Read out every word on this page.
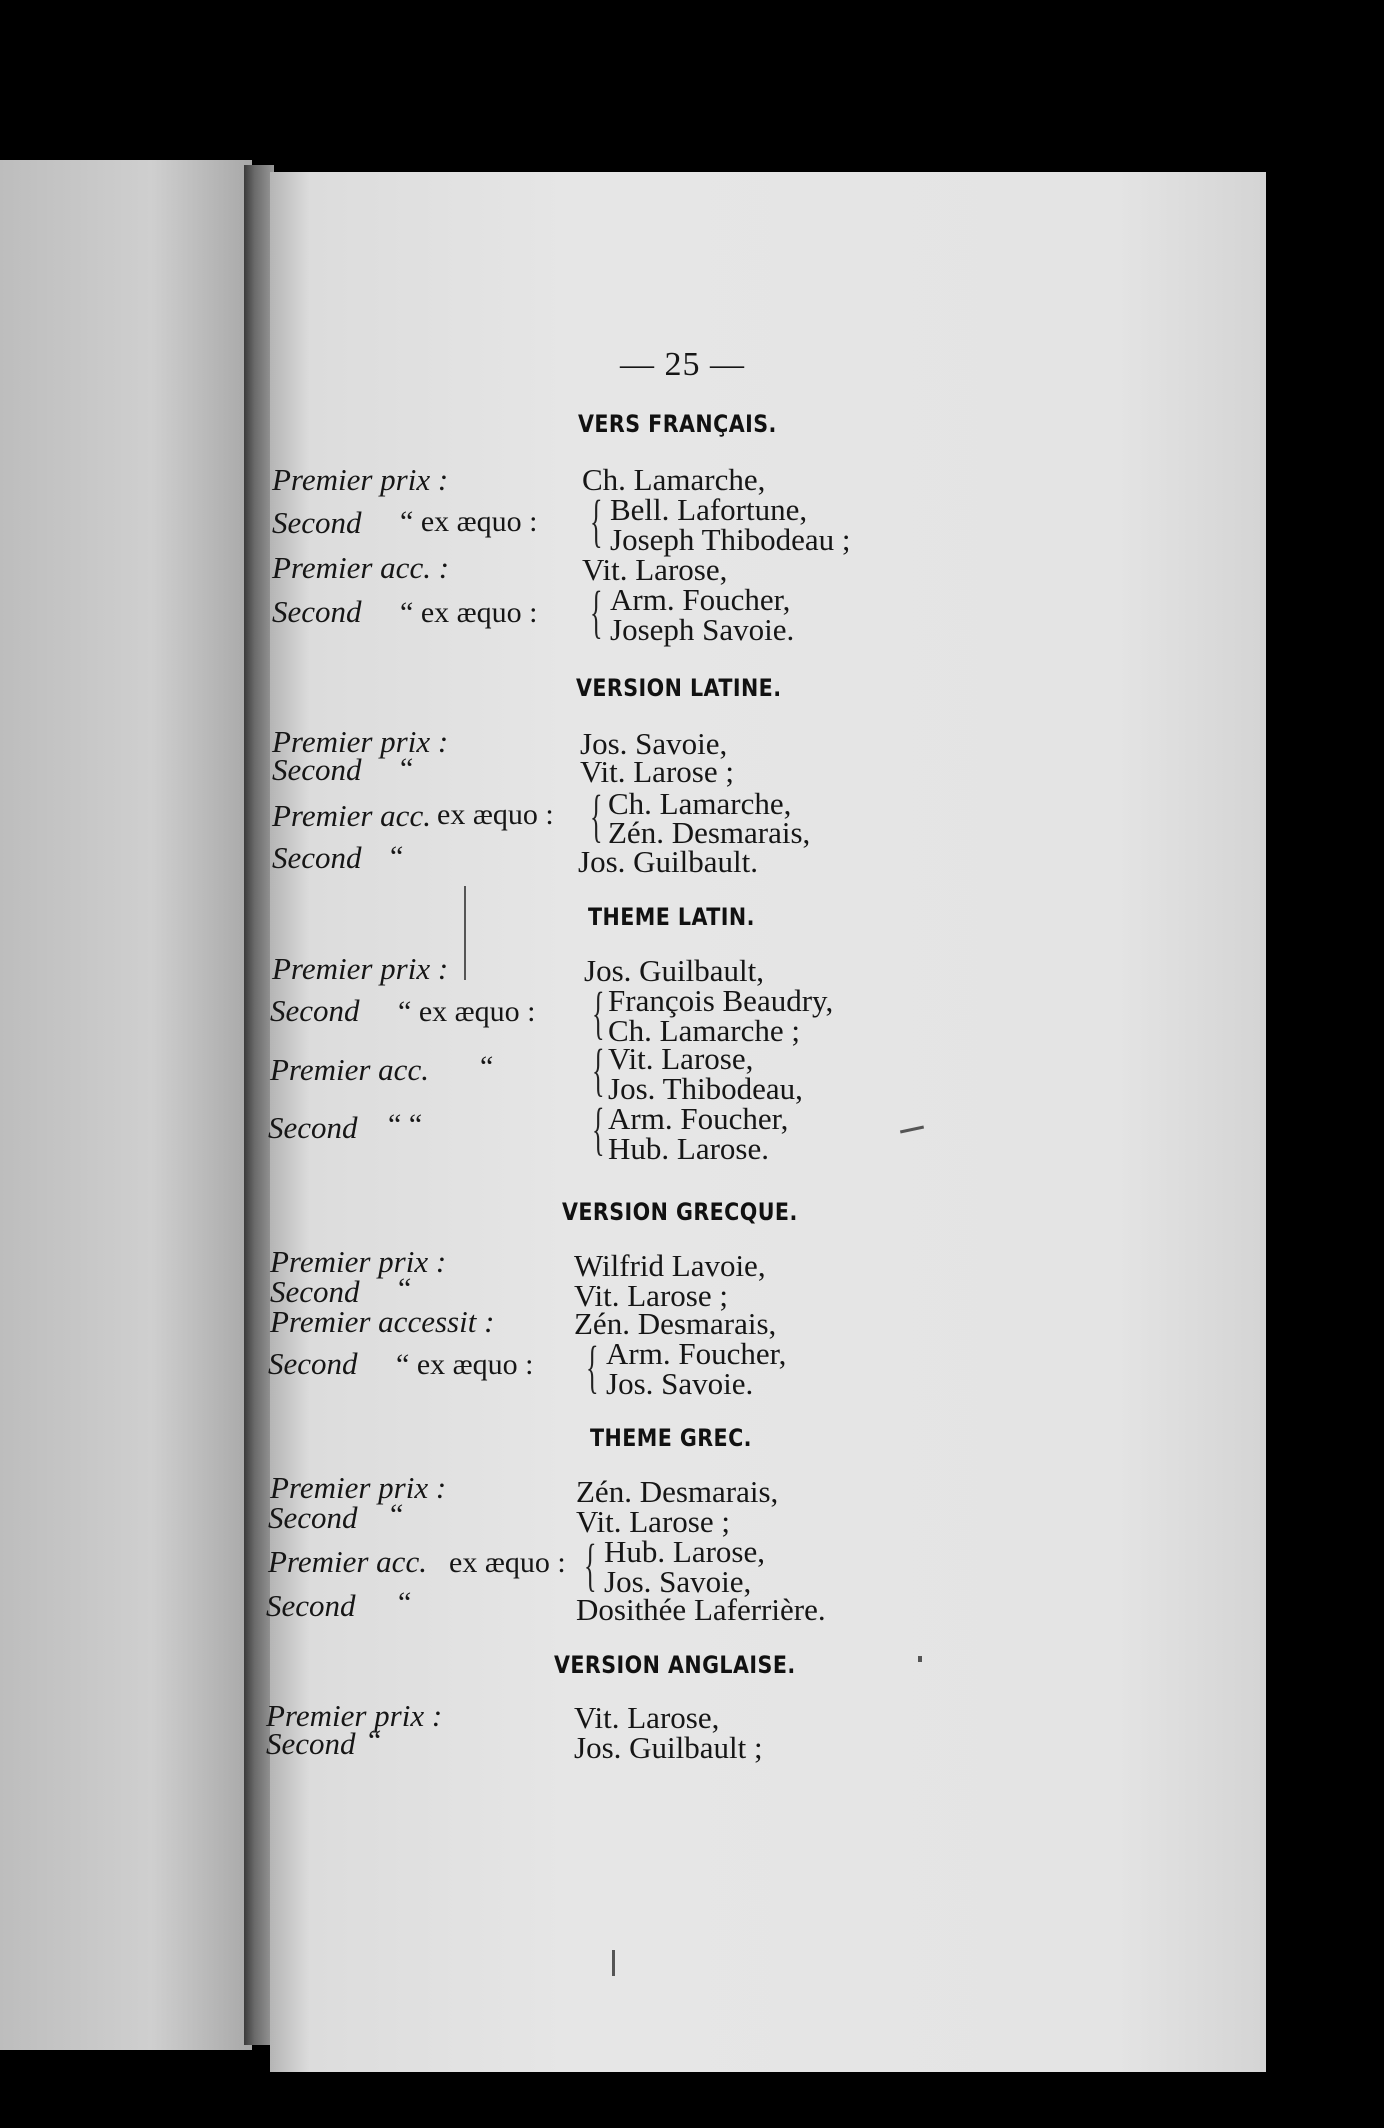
— 25 —
VERS FRANÇAIS.
Premier prix :	Ch. Lamarche,
Second “ ex æquo : { Bell. Lafortune,
Joseph Thibodeau ;
Premier acc. :	Vit. Larose,
Second “ ex æquo : { Arm. Foucher,
Joseph Savoie.
VERSION LATINE.
Premier prix :	Jos. Savoie,
Second “	Vit. Larose ;
Premier acc. ex æquo : { Ch. Lamarche,
Zén. Desmarais,
Second “	Jos. Guilbault.
THEME LATIN.
Premier prix :	Jos. Guilbault,
Second “ ex æquo : { François Beaudry,
Ch. Lamarche ;
Premier acc. “ { Vit. Larose,
Jos. Thibodeau,
Second “ “	{ Arm. Foucher,
Hub. Larose.
VERSION GRECQUE.
Premier prix :	Wilfrid Lavoie,
Second “	Vit. Larose ;
Premier accessit :	Zén. Desmarais,
Second “ ex æquo : { Arm. Foucher,
Jos. Savoie.
THEME GREC.
Premier prix :	Zén. Desmarais,
Second “	Vit. Larose ;
Premier acc. ex æquo : { Hub. Larose,
Jos. Savoie,
Second “	Dosithée Laferrière.
VERSION ANGLAISE.
Premier prix :	Vit. Larose,
Second “	Jos. Guilbault ;
